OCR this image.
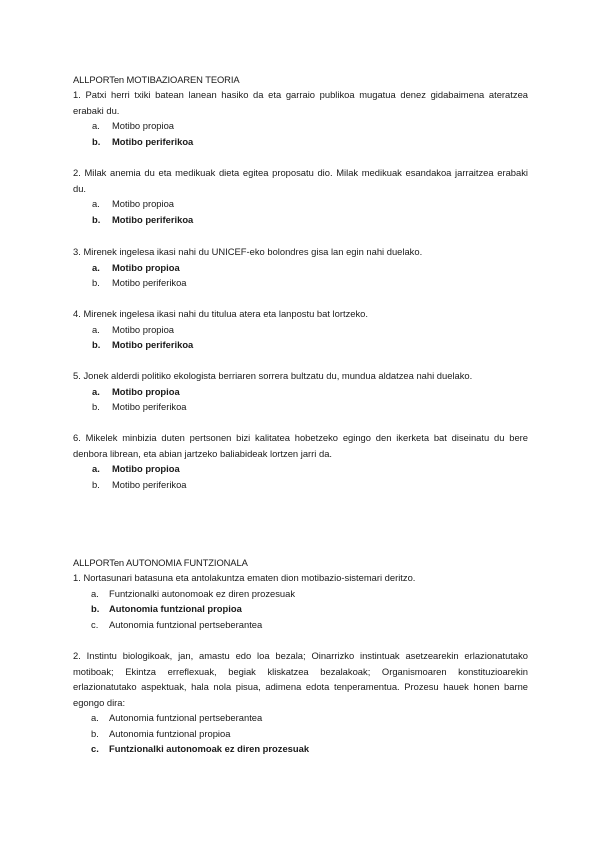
ALLPORTen MOTIBAZIOAREN TEORIA
1. Patxi herri txiki batean lanean hasiko da eta garraio publikoa mugatua denez gidabaimena ateratzea erabaki du.
a. Motibo propioa
b. Motibo periferikoa
2. Milak anemia du eta medikuak dieta egitea proposatu dio. Milak medikuak esandakoa jarraitzea erabaki du.
a. Motibo propioa
b. Motibo periferikoa
3. Mirenek ingelesa ikasi nahi du UNICEF-eko bolondres gisa lan egin nahi duelako.
a. Motibo propioa
b. Motibo periferikoa
4. Mirenek ingelesa ikasi nahi du titulua atera eta lanpostu bat lortzeko.
a. Motibo propioa
b. Motibo periferikoa
5. Jonek alderdi politiko ekologista berriaren sorrera bultzatu du, mundua aldatzea nahi duelako.
a. Motibo propioa
b. Motibo periferikoa
6. Mikelek minbizia duten pertsonen bizi kalitatea hobetzeko egingo den ikerketa bat diseinatu du bere denbora librean, eta abian jartzeko baliabideak lortzen jarri da.
a. Motibo propioa
b. Motibo periferikoa
ALLPORTen AUTONOMIA FUNTZIONALA
1. Nortasunari batasuna eta antolakuntza ematen dion motibazio-sistemari deritzo.
a. Funtzionalki autonomoak ez diren prozesuak
b. Autonomia funtzional propioa
c. Autonomia funtzional pertseberantea
2. Instintu biologikoak, jan, amastu edo loa bezala; Oinarrizko instintuak asetzearekin erlazionatutako motiboak; Ekintza erreflexuak, begiak kliskatzea bezalakoak; Organismoaren konstituzioarekin erlazionatutako aspektuak, hala nola pisua, adimena edota tenperamentua. Prozesu hauek honen barne egongo dira:
a. Autonomia funtzional pertseberantea
b. Autonomia funtzional propioa
c. Funtzionalki autonomoak ez diren prozesuak
